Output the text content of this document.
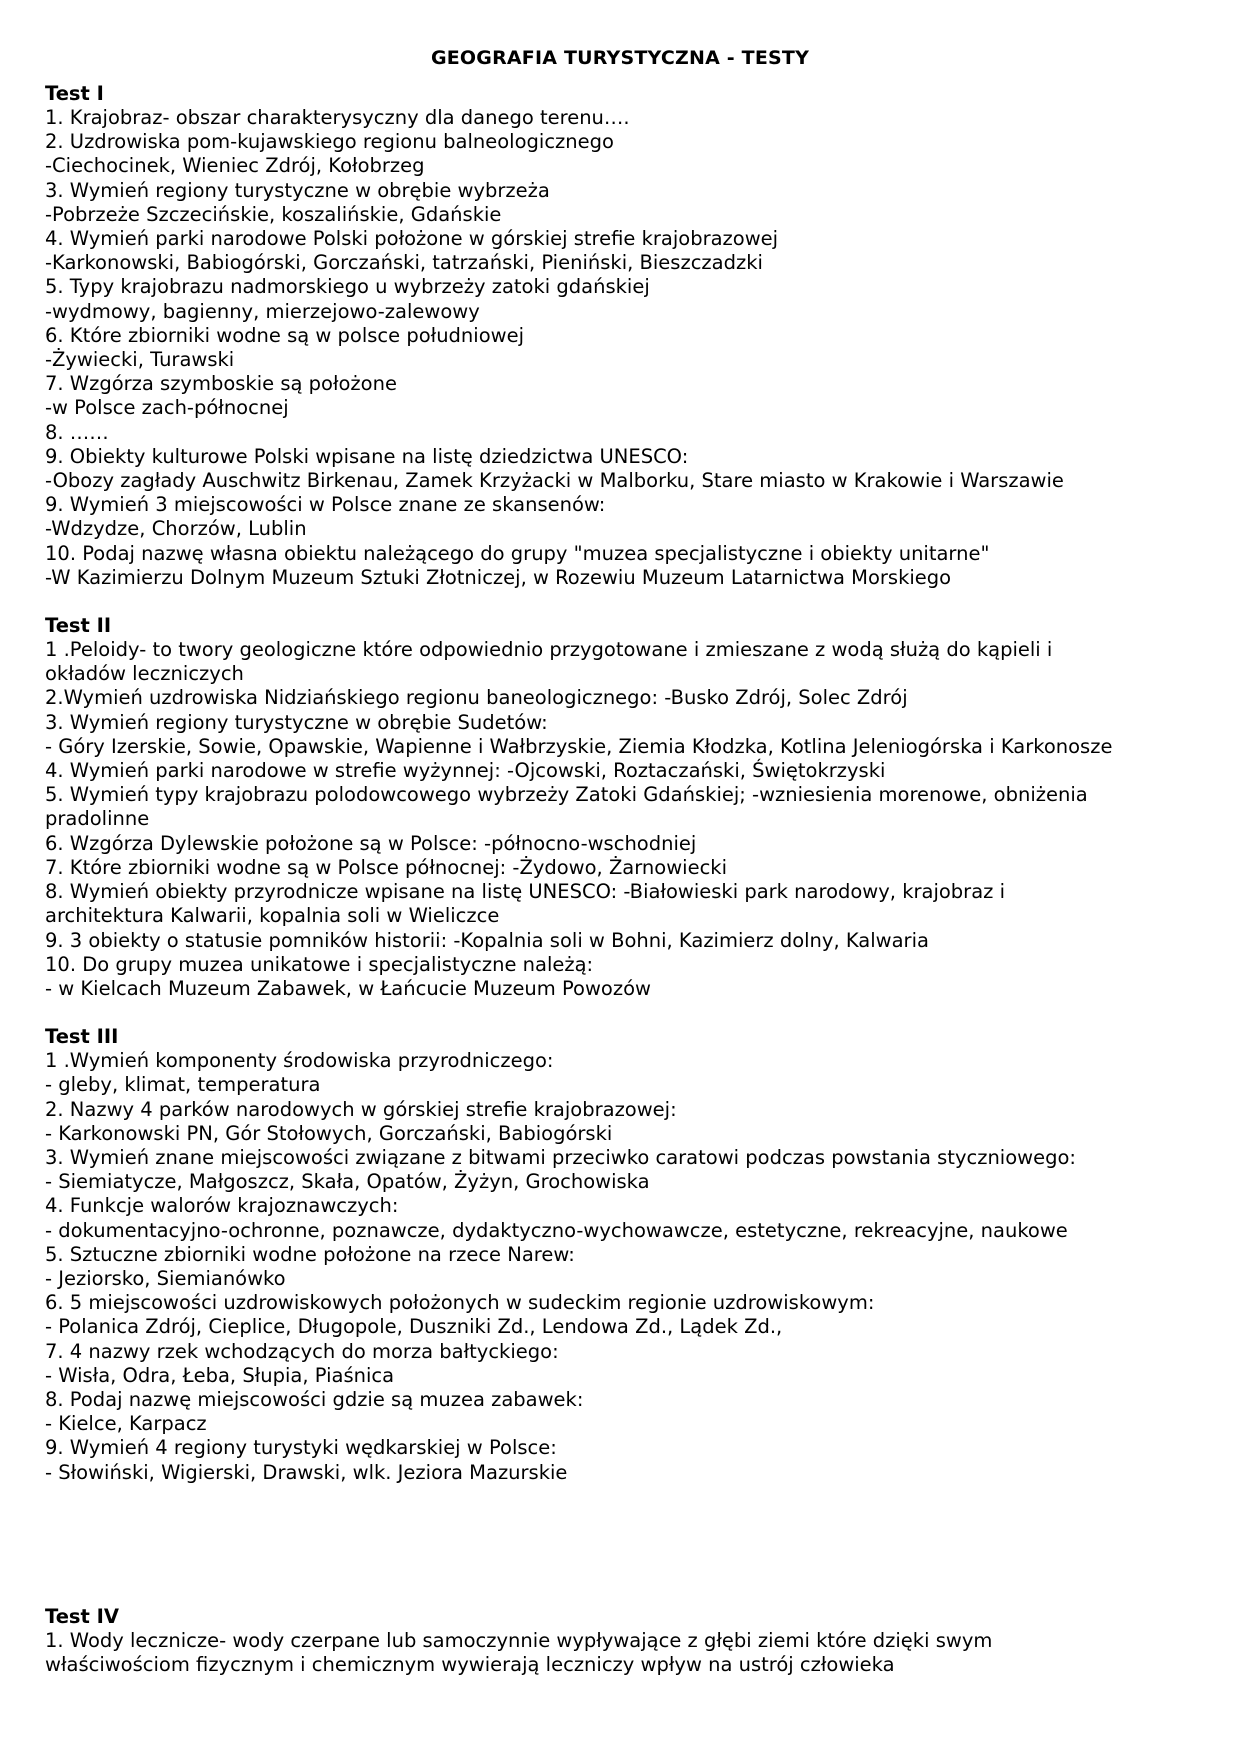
GEOGRAFIA TURYSTYCZNA - TESTY
Test I
1. Krajobraz- obszar charakterysyczny dla danego terenu….
2. Uzdrowiska pom-kujawskiego regionu balneologicznego
-Ciechocinek, Wieniec Zdrój, Kołobrzeg
3. Wymień regiony turystyczne w obrębie wybrzeża
-Pobrzeże Szczecińskie, koszalińskie, Gdańskie
4. Wymień parki narodowe Polski położone w górskiej strefie krajobrazowej
-Karkonowski, Babiogórski, Gorczański, tatrzański, Pieniński, Bieszczadzki
5. Typy krajobrazu nadmorskiego u wybrzeży zatoki gdańskiej
-wydmowy, bagienny, mierzejowo-zalewowy
6. Które zbiorniki wodne są w polsce południowej
-Żywiecki, Turawski
7. Wzgórza szymboskie są położone
-w Polsce zach-północnej
8. ……
9. Obiekty kulturowe Polski wpisane na listę dziedzictwa UNESCO:
-Obozy zagłady Auschwitz Birkenau, Zamek Krzyżacki w Malborku, Stare miasto w Krakowie i Warszawie
9. Wymień 3 miejscowości w Polsce znane ze skansenów:
-Wdzydze, Chorzów, Lublin
10. Podaj nazwę własna obiektu należącego do grupy "muzea specjalistyczne i obiekty unitarne"
-W Kazimierzu Dolnym Muzeum Sztuki Złotniczej, w Rozewiu Muzeum Latarnictwa Morskiego
Test II
1 .Peloidy- to twory geologiczne które odpowiednio przygotowane i zmieszane z wodą służą do kąpieli i
okładów leczniczych
2.Wymień uzdrowiska Nidziańskiego regionu baneologicznego: -Busko Zdrój, Solec Zdrój
3. Wymień regiony turystyczne w obrębie Sudetów:
- Góry Izerskie, Sowie, Opawskie, Wapienne i Wałbrzyskie, Ziemia Kłodzka, Kotlina Jeleniogórska i Karkonosze
4. Wymień parki narodowe w strefie wyżynnej: -Ojcowski, Roztaczański, Świętokrzyski
5. Wymień typy krajobrazu polodowcowego wybrzeży Zatoki Gdańskiej; -wzniesienia morenowe, obniżenia
pradolinne
6. Wzgórza Dylewskie położone są w Polsce: -północno-wschodniej
7. Które zbiorniki wodne są w Polsce północnej: -Żydowo, Żarnowiecki
8. Wymień obiekty przyrodnicze wpisane na listę UNESCO: -Białowieski park narodowy, krajobraz i
architektura Kalwarii, kopalnia soli w Wieliczce
9. 3 obiekty o statusie pomników historii: -Kopalnia soli w Bohni, Kazimierz dolny, Kalwaria
10. Do grupy muzea unikatowe i specjalistyczne należą:
- w Kielcach Muzeum Zabawek, w Łańcucie Muzeum Powozów
Test III
1 .Wymień komponenty środowiska przyrodniczego:
- gleby, klimat, temperatura
2. Nazwy 4 parków narodowych w górskiej strefie krajobrazowej:
- Karkonowski PN, Gór Stołowych, Gorczański, Babiogórski
3. Wymień znane miejscowości związane z bitwami przeciwko caratowi podczas powstania styczniowego:
- Siemiatycze, Małgoszcz, Skała, Opatów, Żyżyn, Grochowiska
4. Funkcje walorów krajoznawczych:
- dokumentacyjno-ochronne, poznawcze, dydaktyczno-wychowawcze, estetyczne, rekreacyjne, naukowe
5. Sztuczne zbiorniki wodne położone na rzece Narew:
- Jeziorsko, Siemianówko
6. 5 miejscowości uzdrowiskowych położonych w sudeckim regionie uzdrowiskowym:
- Polanica Zdrój, Cieplice, Długopole, Duszniki Zd., Lendowa Zd., Lądek Zd.,
7. 4 nazwy rzek wchodzących do morza bałtyckiego:
- Wisła, Odra, Łeba, Słupia, Piaśnica
8. Podaj nazwę miejscowości gdzie są muzea zabawek:
- Kielce, Karpacz
9. Wymień 4 regiony turystyki wędkarskiej w Polsce:
- Słowiński, Wigierski, Drawski, wlk. Jeziora Mazurskie
Test IV
1. Wody lecznicze- wody czerpane lub samoczynnie wypływające z głębi ziemi które dzięki swym
właściwościom fizycznym i chemicznym wywierają leczniczy wpływ na ustrój człowieka
